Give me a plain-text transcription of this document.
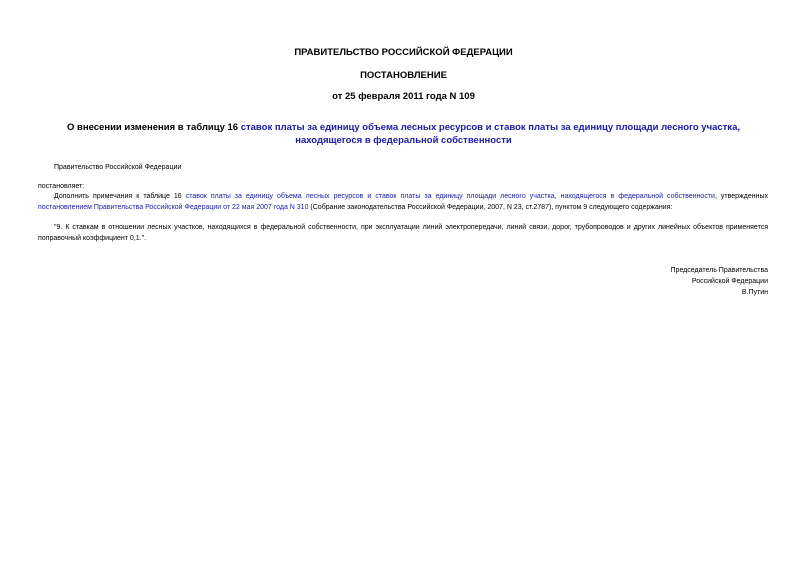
ПРАВИТЕЛЬСТВО РОССИЙСКОЙ ФЕДЕРАЦИИ
ПОСТАНОВЛЕНИЕ
от 25 февраля 2011 года N 109
О внесении изменения в таблицу 16 ставок платы за единицу объема лесных ресурсов и ставок платы за единицу площади лесного участка, находящегося в федеральной собственности
Правительство Российской Федерации
постановляет:
Дополнить примечания к таблице 16 ставок платы за единицу объема лесных ресурсов и ставок платы за единицу площади лесного участка, находящегося в федеральной собственности, утвержденных постановлением Правительства Российской Федерации от 22 мая 2007 года N 310 (Собрание законодательства Российской Федерации, 2007, N 23, ст.2787), пунктом 9 следующего содержания:
"9. К ставкам в отношении лесных участков, находящихся в федеральной собственности, при эксплуатации линий электропередачи, линий связи, дорог, трубопроводов и других линейных объектов применяется поправочный коэффициент 0,1.".
Председатель Правительства
Российской Федерации
В.Путин
